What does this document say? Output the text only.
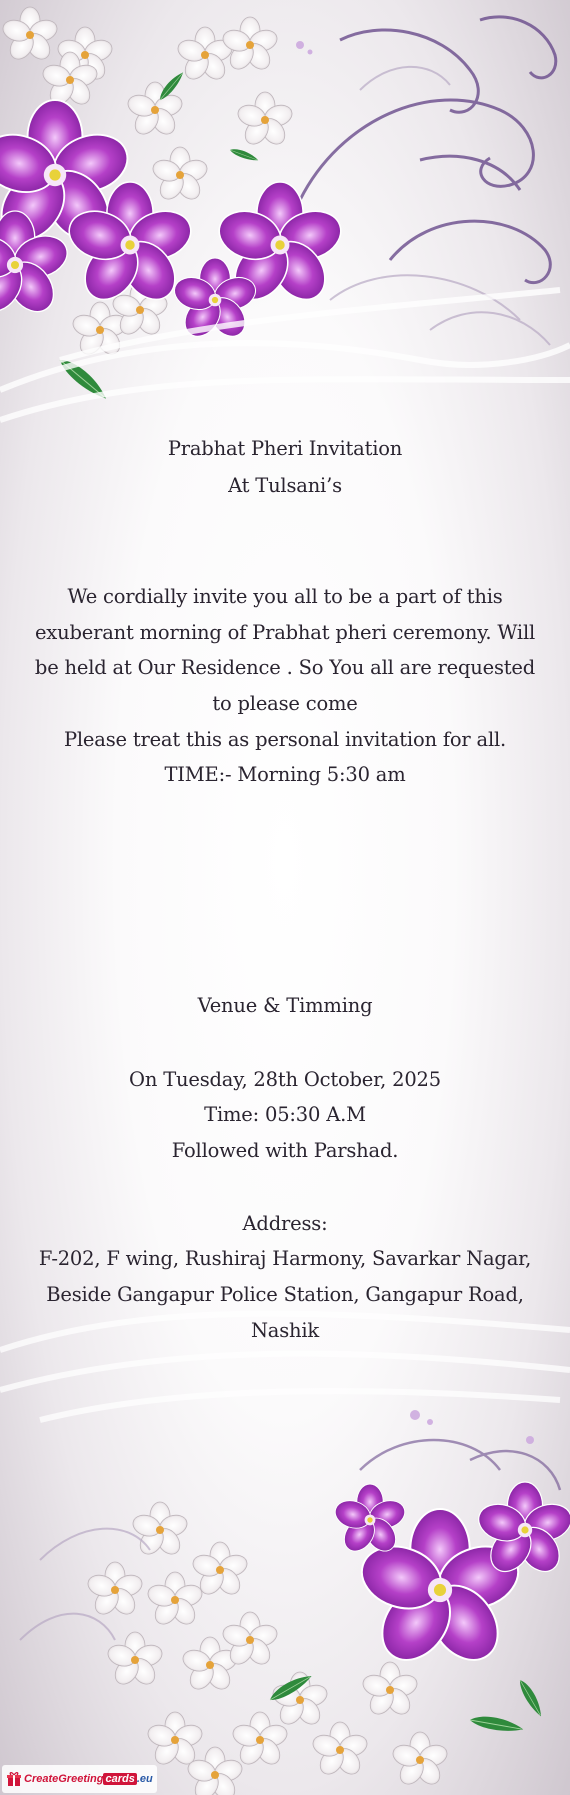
Prabhat Pheri Invitation

At Tulsani’s

We cordially invite you all to be a part of this

exuberant morning of Prabhat pheri ceremony. Will

be held at Our Residence . So You all are requested

to please come

Please treat this as personal invitation for all.

TIME:- Morning 5:30 am

Venue & Timming

On Tuesday, 28th October, 2025

Time: 05:30 A.M

Followed with Parshad.

Address:

F-202, F wing, Rushiraj Harmony, Savarkar Nagar,

Beside Gangapur Police Station, Gangapur Road,

Nashik

CreateGreeting cards .eu
